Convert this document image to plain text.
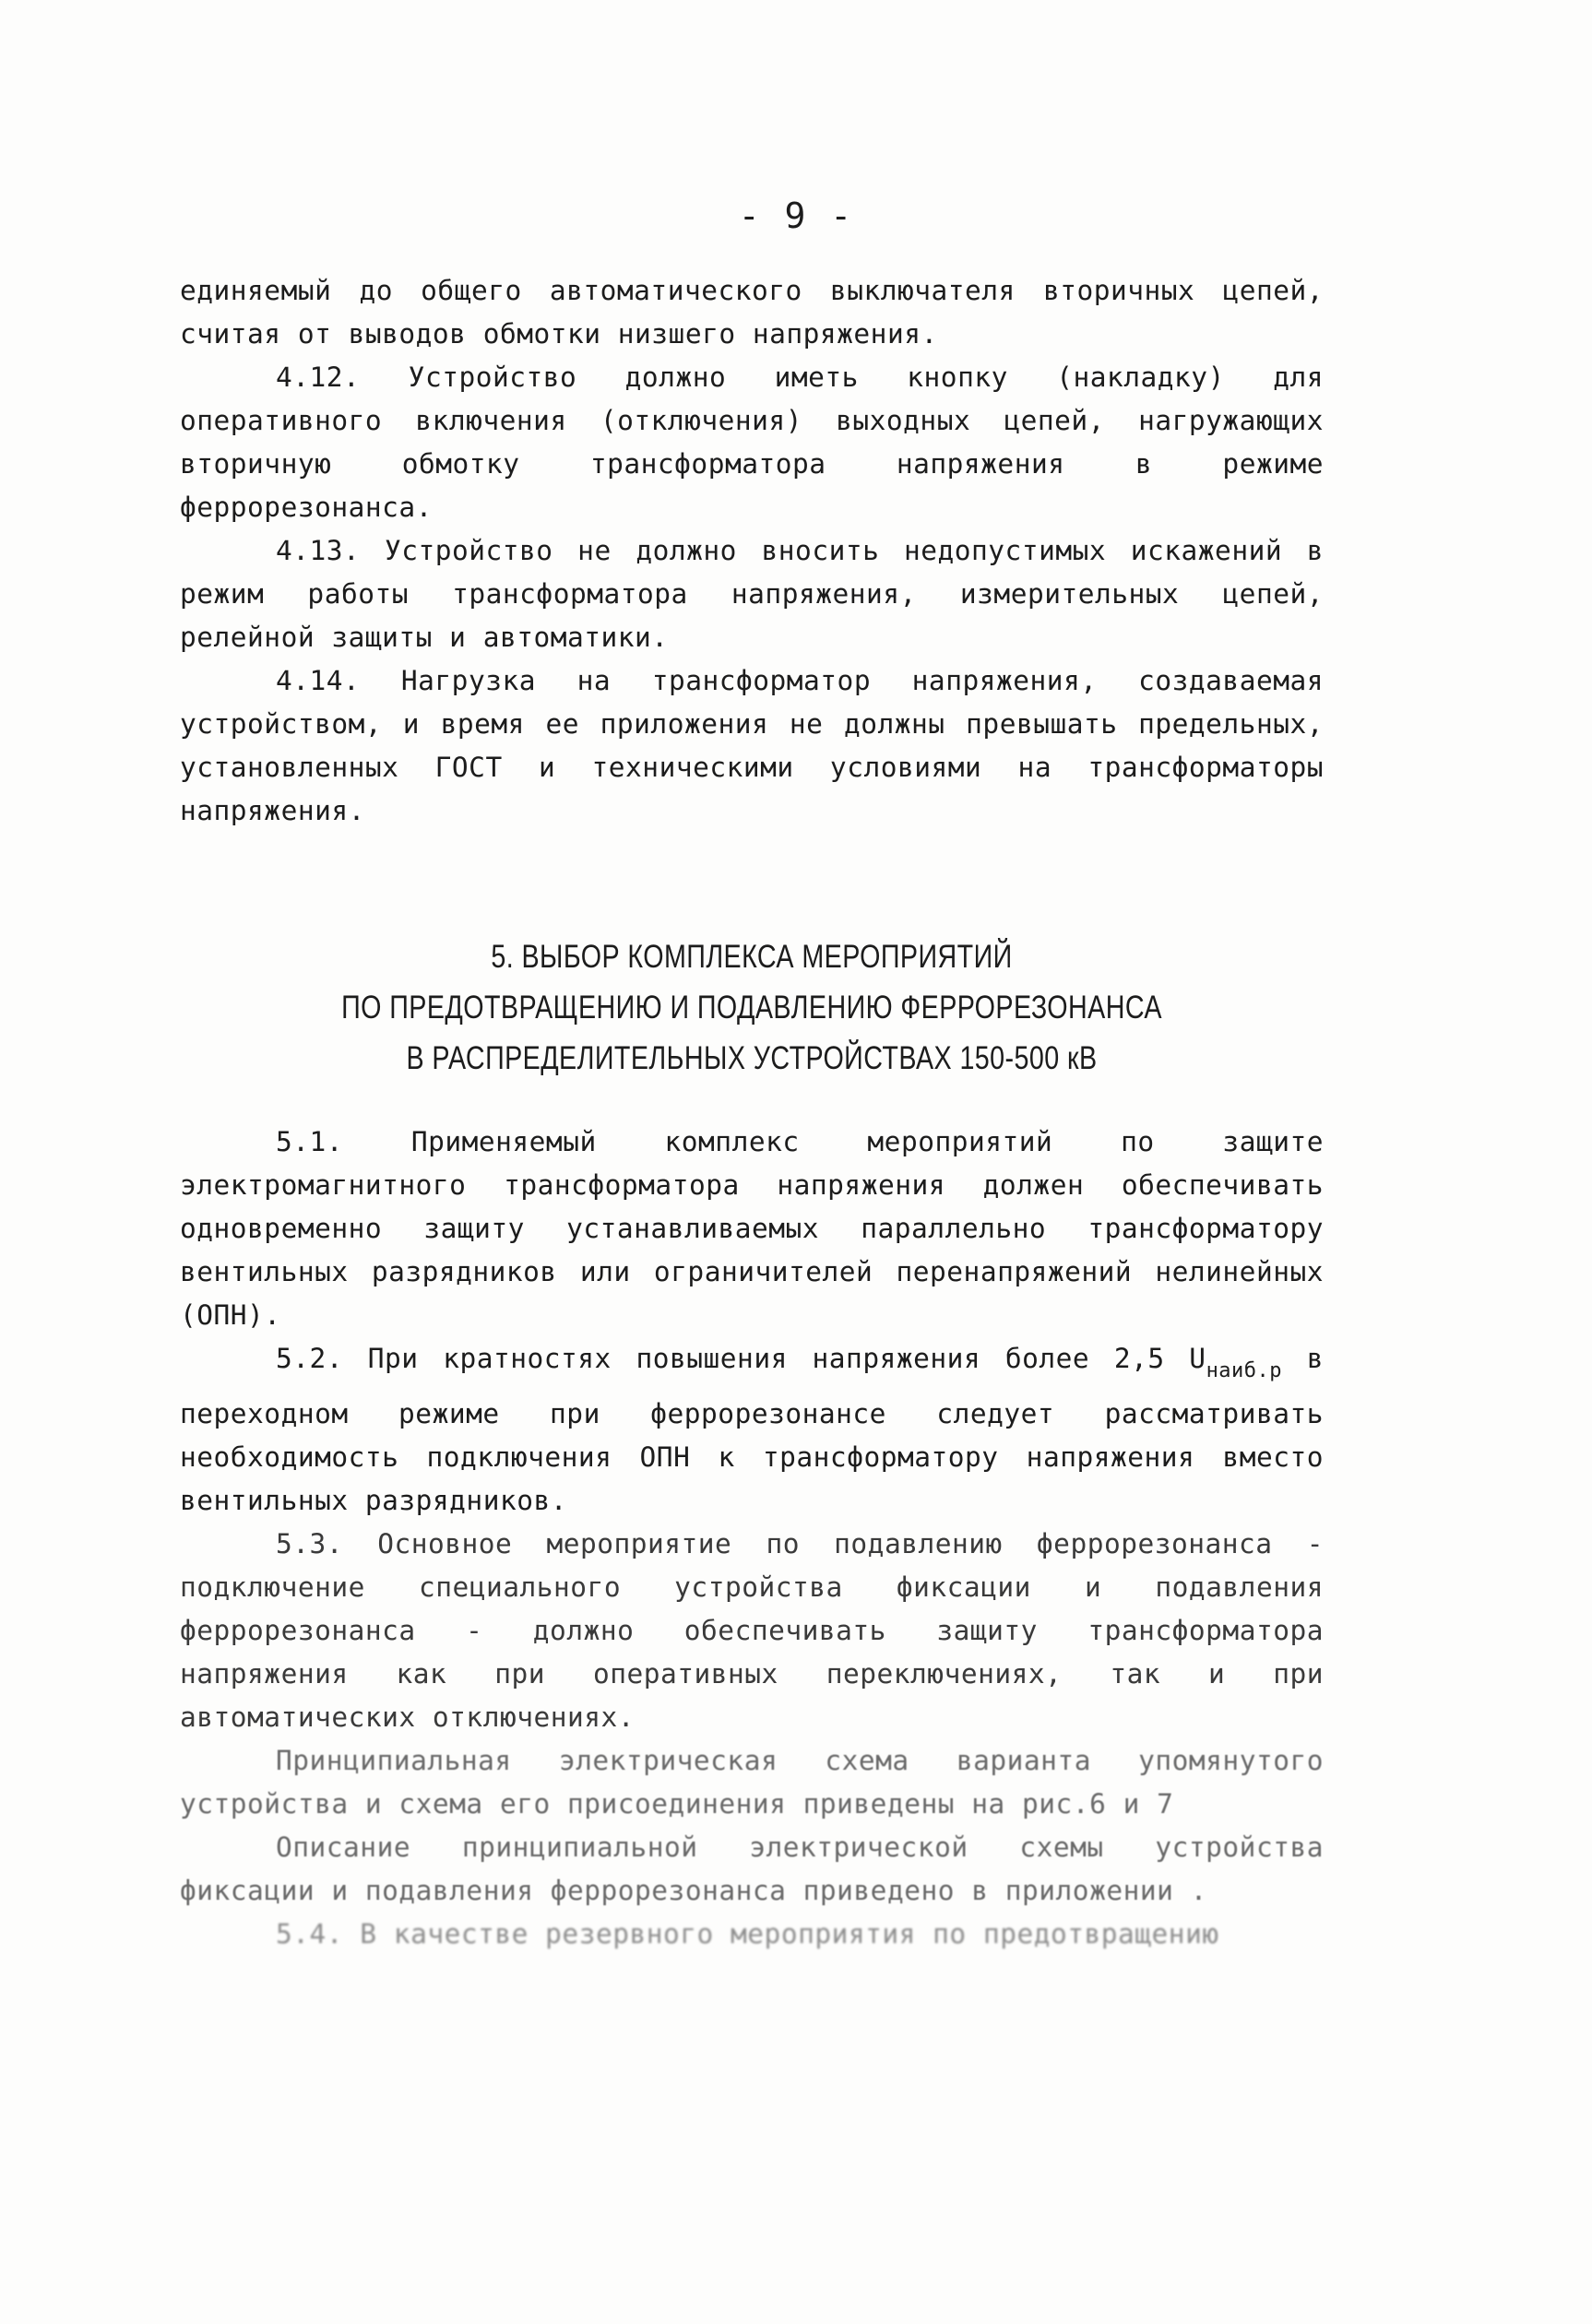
- 9 -

единяемый до общего автоматического выключателя вторичных цепей, считая от выводов обмотки низшего напряжения.

4.12. Устройство должно иметь кнопку (накладку) для оперативного включения (отключения) выходных цепей, нагружающих вторичную обмотку трансформатора напряжения в режиме феррорезонанса.

4.13. Устройство не должно вносить недопустимых искажений в режим работы трансформатора напряжения, измерительных цепей, релейной защиты и автоматики.

4.14. Нагрузка на трансформатор напряжения, создаваемая устройством, и время ее приложения не должны превышать предельных, установленных ГОСТ и техническими условиями на трансформаторы напряжения.

5. ВЫБОР КОМПЛЕКСА МЕРОПРИЯТИЙ
ПО ПРЕДОТВРАЩЕНИЮ И ПОДАВЛЕНИЮ ФЕРРОРЕЗОНАНСА
В РАСПРЕДЕЛИТЕЛЬНЫХ УСТРОЙСТВАХ 150-500 кВ

5.1. Применяемый комплекс мероприятий по защите электромагнитного трансформатора напряжения должен обеспечивать одновременно защиту устанавливаемых параллельно трансформатору вентильных разрядников или ограничителей перенапряжений нелинейных (ОПН).

5.2. При кратностях повышения напряжения более 2,5 $U_{наиб.р}$ в переходном режиме при феррорезонансе следует рассматривать необходимость подключения ОПН к трансформатору напряжения вместо вентильных разрядников.

5.3. Основное мероприятие по подавлению феррорезонанса - подключение специального устройства фиксации и подавления феррорезонанса - должно обеспечивать защиту трансформатора напряжения как при оперативных переключениях, так и при автоматических отключениях.

Принципиальная электрическая схема варианта упомянутого устройства и схема его присоединения приведены на рис.6 и 7

Описание принципиальной электрической схемы устройства фиксации и подавления феррорезонанса приведено в приложении .

5.4. В качестве резервного мероприятия по предотвращению
